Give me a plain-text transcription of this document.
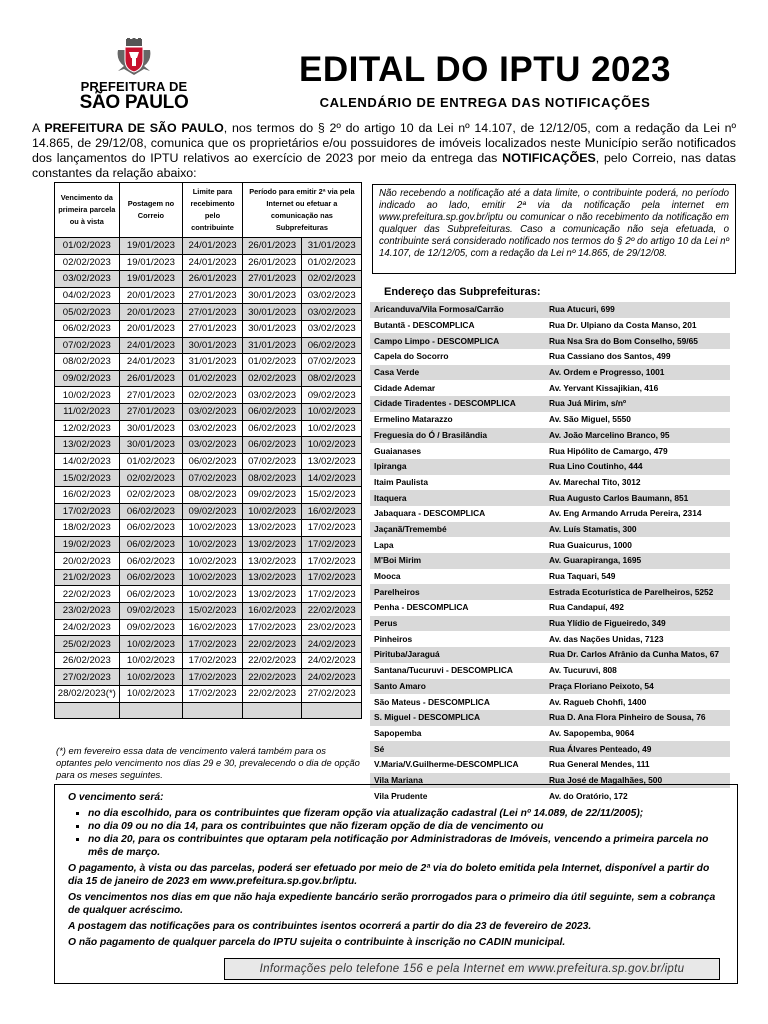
PREFEITURA DE
SÃO PAULO
EDITAL DO IPTU 2023
CALENDÁRIO DE ENTREGA DAS NOTIFICAÇÕES

A PREFEITURA DE SÃO PAULO, nos termos do § 2º do artigo 10 da Lei nº 14.107, de 12/12/05, com a redação da Lei nº 14.865, de 29/12/08, comunica que os proprietários e/ou possuidores de imóveis localizados neste Município serão notificados dos lançamentos do IPTU relativos ao exercício de 2023 por meio da entrega das NOTIFICAÇÕES, pelo Correio, nas datas constantes da relação abaixo:

Vencimento da primeira parcela ou à vista	Postagem no Correio	Limite para recebimento pelo contribuinte	Período para emitir 2ª via pela Internet ou efetuar a comunicação nas Subprefeituras	
01/02/2023	19/01/2023	24/01/2023	26/01/2023	31/01/2023
02/02/2023	19/01/2023	24/01/2023	26/01/2023	01/02/2023
03/02/2023	19/01/2023	26/01/2023	27/01/2023	02/02/2023
04/02/2023	20/01/2023	27/01/2023	30/01/2023	03/02/2023
05/02/2023	20/01/2023	27/01/2023	30/01/2023	03/02/2023
06/02/2023	20/01/2023	27/01/2023	30/01/2023	03/02/2023
07/02/2023	24/01/2023	30/01/2023	31/01/2023	06/02/2023
08/02/2023	24/01/2023	31/01/2023	01/02/2023	07/02/2023
09/02/2023	26/01/2023	01/02/2023	02/02/2023	08/02/2023
10/02/2023	27/01/2023	02/02/2023	03/02/2023	09/02/2023
11/02/2023	27/01/2023	03/02/2023	06/02/2023	10/02/2023
12/02/2023	30/01/2023	03/02/2023	06/02/2023	10/02/2023
13/02/2023	30/01/2023	03/02/2023	06/02/2023	10/02/2023
14/02/2023	01/02/2023	06/02/2023	07/02/2023	13/02/2023
15/02/2023	02/02/2023	07/02/2023	08/02/2023	14/02/2023
16/02/2023	02/02/2023	08/02/2023	09/02/2023	15/02/2023
17/02/2023	06/02/2023	09/02/2023	10/02/2023	16/02/2023
18/02/2023	06/02/2023	10/02/2023	13/02/2023	17/02/2023
19/02/2023	06/02/2023	10/02/2023	13/02/2023	17/02/2023
20/02/2023	06/02/2023	10/02/2023	13/02/2023	17/02/2023
21/02/2023	06/02/2023	10/02/2023	13/02/2023	17/02/2023
22/02/2023	06/02/2023	10/02/2023	13/02/2023	17/02/2023
23/02/2023	09/02/2023	15/02/2023	16/02/2023	22/02/2023
24/02/2023	09/02/2023	16/02/2023	17/02/2023	23/02/2023
25/02/2023	10/02/2023	17/02/2023	22/02/2023	24/02/2023
26/02/2023	10/02/2023	17/02/2023	22/02/2023	24/02/2023
27/02/2023	10/02/2023	17/02/2023	22/02/2023	24/02/2023
28/02/2023(*)	10/02/2023	17/02/2023	22/02/2023	27/02/2023

(*) em fevereiro essa data de vencimento valerá também para os optantes pelo vencimento nos dias 29 e 30, prevalecendo o dia de opção para os meses seguintes.

Não recebendo a notificação até a data limite, o contribuinte poderá, no período indicado ao lado, emitir 2ª via da notificação pela internet em www.prefeitura.sp.gov.br/iptu ou comunicar o não recebimento da notificação em qualquer das Subprefeituras. Caso a comunicação não seja efetuada, o contribuinte será considerado notificado nos termos do § 2º do artigo 10 da Lei nº 14.107, de 12/12/05, com a redação da Lei nº 14.865, de 29/12/08.

Endereço das Subprefeituras:

Aricanduva/Vila Formosa/Carrão	Rua Atucuri, 699
Butantã - DESCOMPLICA	Rua Dr. Ulpiano da Costa Manso, 201
Campo Limpo - DESCOMPLICA	Rua Nsa Sra do Bom Conselho, 59/65
Capela do Socorro	Rua Cassiano dos Santos, 499
Casa Verde	Av. Ordem e Progresso, 1001
Cidade Ademar	Av. Yervant Kissajikian, 416
Cidade Tiradentes - DESCOMPLICA	Rua Juá Mirim, s/nº
Ermelino Matarazzo	Av. São Miguel, 5550
Freguesia do Ó / Brasilândia	Av. João Marcelino Branco, 95
Guaianases	Rua Hipólito de Camargo, 479
Ipiranga	Rua Lino Coutinho, 444
Itaim Paulista	Av. Marechal Tito, 3012
Itaquera	Rua Augusto Carlos Baumann, 851
Jabaquara - DESCOMPLICA	Av. Eng Armando Arruda Pereira, 2314
Jaçanã/Tremembé	Av. Luís Stamatis, 300
Lapa	Rua Guaicurus, 1000
M'Boi Mirim	Av. Guarapiranga, 1695
Mooca	Rua Taquari, 549
Parelheiros	Estrada Ecoturística de Parelheiros, 5252
Penha - DESCOMPLICA	Rua Candapuí, 492
Perus	Rua Ylídio de Figueiredo, 349
Pinheiros	Av. das Nações Unidas, 7123
Pirituba/Jaraguá	Rua Dr. Carlos Afrânio da Cunha Matos, 67
Santana/Tucuruvi - DESCOMPLICA	Av. Tucuruvi, 808
Santo Amaro	Praça Floriano Peixoto, 54
São Mateus - DESCOMPLICA	Av. Ragueb Chohfi, 1400
S. Miguel - DESCOMPLICA	Rua D. Ana Flora Pinheiro de Sousa, 76
Sapopemba	Av. Sapopemba, 9064
Sé	Rua Álvares Penteado, 49
V.Maria/V.Guilherme-DESCOMPLICA	Rua General Mendes, 111
Vila Mariana	Rua José de Magalhães, 500
Vila Prudente	Av. do Oratório, 172

O vencimento será:

▪ no dia escolhido, para os contribuintes que fizeram opção via atualização cadastral (Lei nº 14.089, de 22/11/2005);
▪ no dia 09 ou no dia 14, para os contribuintes que não fizeram opção de dia de vencimento ou
▪ no dia 20, para os contribuintes que optaram pela notificação por Administradoras de Imóveis, vencendo a primeira parcela no mês de março.

O pagamento, à vista ou das parcelas, poderá ser efetuado por meio de 2ª via do boleto emitida pela Internet, disponível a partir do dia 15 de janeiro de 2023 em www.prefeitura.sp.gov.br/iptu.

Os vencimentos nos dias em que não haja expediente bancário serão prorrogados para o primeiro dia útil seguinte, sem a cobrança de qualquer acréscimo.

A postagem das notificações para os contribuintes isentos ocorrerá a partir do dia 23 de fevereiro de 2023.

O não pagamento de qualquer parcela do IPTU sujeita o contribuinte à inscrição no CADIN municipal.

Informações pelo telefone 156 e pela Internet em www.prefeitura.sp.gov.br/iptu
